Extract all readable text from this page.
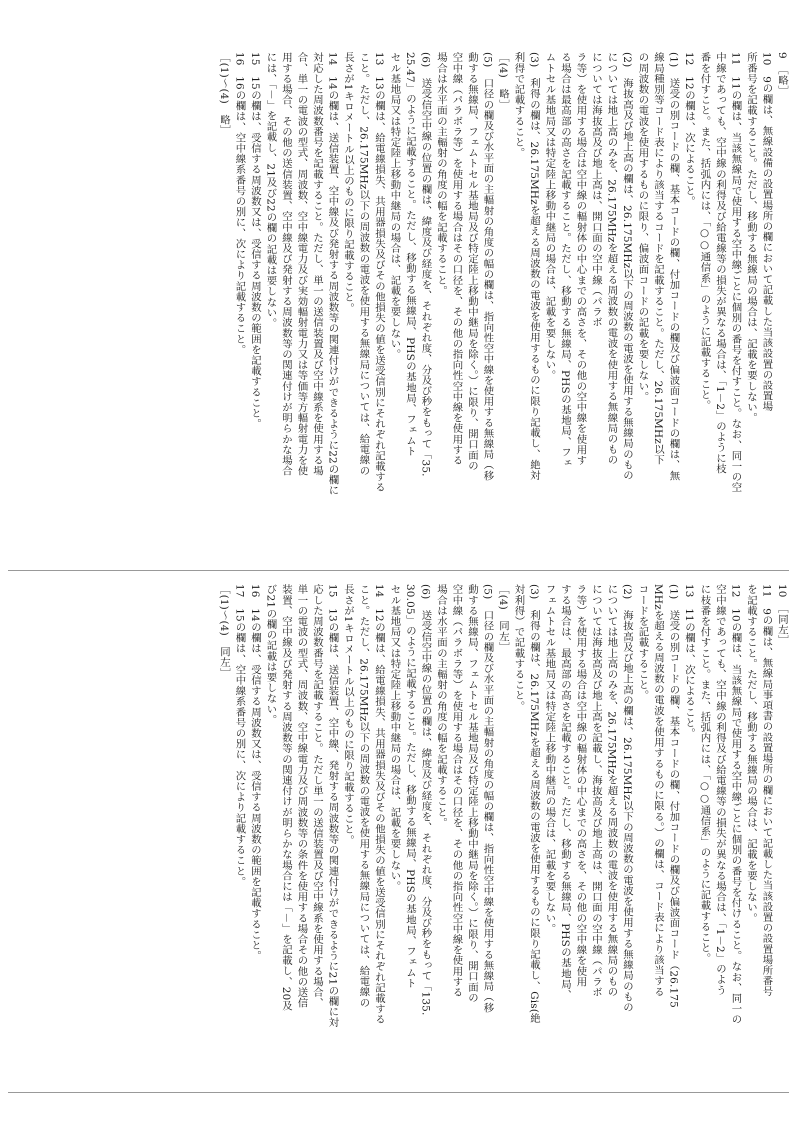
9　［略］
10　9の欄は、無線設備の設置場所の欄において記載した当該設置の設置場
所番号を記載すること。ただし、移動する無線局の場合は、記載を要しない。
11　11の欄は、当該無線局で使用する空中線ごとに個別の番号を付すこと。なお、同一の空
中線であっても、空中線の利得及び給電線等の損失が異なる場合は、「1－2」のように枝
番を付すこと。また、括弧内には、「○○通信系」のように記載すること。
12　12の欄は、次によること。
(1)　送受の別コードの欄、基本コードの欄、付加コードの欄及び偏波面コードの欄は、無
線局種別等コード表により該当するコードを記載すること。ただし、26.175MHz以下
の周波数の電波を使用するものに限り、偏波面コードの記載を要しない。
(2)　海抜高及び地上高の欄は、26.175MHz以下の周波数の電波を使用する無線局のもの
については地上高のみを、26.175MHzを超える周波数の電波を使用する無線局のもの
については海抜高及び地上高は、開口面の空中線（パラボ
ラ等）を使用する場合は空中線の輻射体の中心までの高さを、その他の空中線を使用す
る場合は最高部の高さを記載すること。ただし、移動する無線局、PHSの基地局、フェ
ムトセル基地局又は特定陸上移動中継局の場合は、記載を要しない。
(3)　利得の欄は、26.175MHzを超える周波数の電波を使用するものに限り記載し、絶対
利得で記載すること。
［(4)　略］
(5)　口径の欄及び水平面の主輻射の角度の幅の欄は、指向性空中線を使用する無線局（移
動する無線局、フェムトセル基地局及び特定陸上移動中継局を除く。）に限り、開口面の
空中線（パラボラ等）を使用する場合はその口径を、その他の指向性空中線を使用する
場合は水平面の主輻射の角度の幅を記載すること。
(6)　送受信空中線の位置の欄は、緯度及び経度を、それぞれ度、分及び秒をもって「35.
25.47」のように記載すること。ただし、移動する無線局、PHSの基地局、フェムト
セル基地局又は特定陸上移動中継局の場合は、記載を要しない。
13　13の欄は、給電線損失、共用器損失及びその他損失の値を送受信別にそれぞれ記載する
こと。ただし、26.175MHz以下の周波数の電波を使用する無線局については、給電線の
長さが1キロメートル以上のものに限り記載すること。
14　14の欄は、送信装置、空中線及び発射する周波数等の関連付けができるように22の欄に
対応した周波数番号を記載すること。ただし、単一の送信装置及び空中線系を使用する場
合、単一の電波の型式、周波数、空中線電力及び実効輻射電力又は等価等方輻射電力を使
用する場合、その他の送信装置、空中線及び発射する周波数等の関連付けが明らかな場合
には、「－」を記載し、21及び22の欄の記載は要しない。
15　15の欄は、受信する周波数又は、受信する周波数の範囲を記載すること。
16　16の欄は、空中線系番号の別に、次により記載すること。
［(1)～(4)　略］
10　［同左］
11　9の欄は、無線局事項書の設置場所の欄において記載した当該設置の設置場所番号
を記載すること。ただし、移動する無線局の場合は、記載を要しない。
12　10の欄は、当該無線局で使用する空中線ごとに個別の番号を付けること。なお、同一の
空中線であっても、空中線の利得及び給電線等の損失が異なる場合は、「1－2」のよう
に枝番を付すこと。また、括弧内には、「○○通信系」のように記載すること。
13　11の欄は、次によること。
(1)　送受の別コードの欄、基本コードの欄、付加コードの欄及び偏波面コード（26.175
MHzを超える周波数の電波を使用するものに限る。）の欄は、コード表により該当する
コードを記載すること。
(2)　海抜高及び地上高の欄は、26.175MHz以下の周波数の電波を使用する無線局のもの
については地上高のみを、26.175MHzを超える周波数の電波を使用する無線局のもの
については海抜高及び地上高を記載し、海抜高及び地上高は、開口面の空中線（パラボ
ラ等）を使用する場合は空中線の輻射体の中心までの高さを、その他の空中線を使用
する場合は、最高部の高さを記載すること。ただし、移動する無線局、PHSの基地局、
フェムトセル基地局又は特定陸上移動中継局の場合は、記載を要しない。
(3)　利得の欄は、26.175MHzを超える周波数の電波を使用するものに限り記載し、Gis(絶
対利得）で記載すること。
［(4)　同左］
(5)　口径の欄及び水平面の主輻射の角度の幅の欄は、指向性空中線を使用する無線局（移
動する無線局、フェムトセル基地局及び特定陸上移動中継局を除く。）に限り、開口面の
空中線（パラボラ等）を使用する場合はその口径を、その他の指向性空中線を使用する
場合は水平面の主輻射の角度の幅を記載すること。
(6)　送受信空中線の位置の欄は、緯度及び経度を、それぞれ度、分及び秒をもって「135.
30.05」のように記載すること。ただし、移動する無線局、PHSの基地局、フェムト
セル基地局又は特定陸上移動中継局の場合は、記載を要しない。
14　12の欄は、給電線損失、共用器損失及びその他損失の値を送受信別にそれぞれ記載する
こと。ただし、26.175MHz以下の周波数の電波を使用する無線局については、給電線の
長さが1キロメートル以上のものに限り記載すること。
15　13の欄は、送信装置、空中線、発射する周波数等の関連付けができるように21の欄に対
応した周波数番号を記載すること。ただし単一の送信装置及び空中線系を使用する場合、
単一の電波の型式、周波数、空中線電力及び周波数等の条件を使用する場合その他の送信
装置、空中線及び発射する周波数等の関連付けが明らかな場合には「－」を記載し、20及
び21の欄の記載は要しない。
16　14の欄は、受信する周波数又は、受信する周波数の範囲を記載すること。
17　15の欄は、空中線系番号の別に、次により記載すること。
［(1)～(4)　同左］
